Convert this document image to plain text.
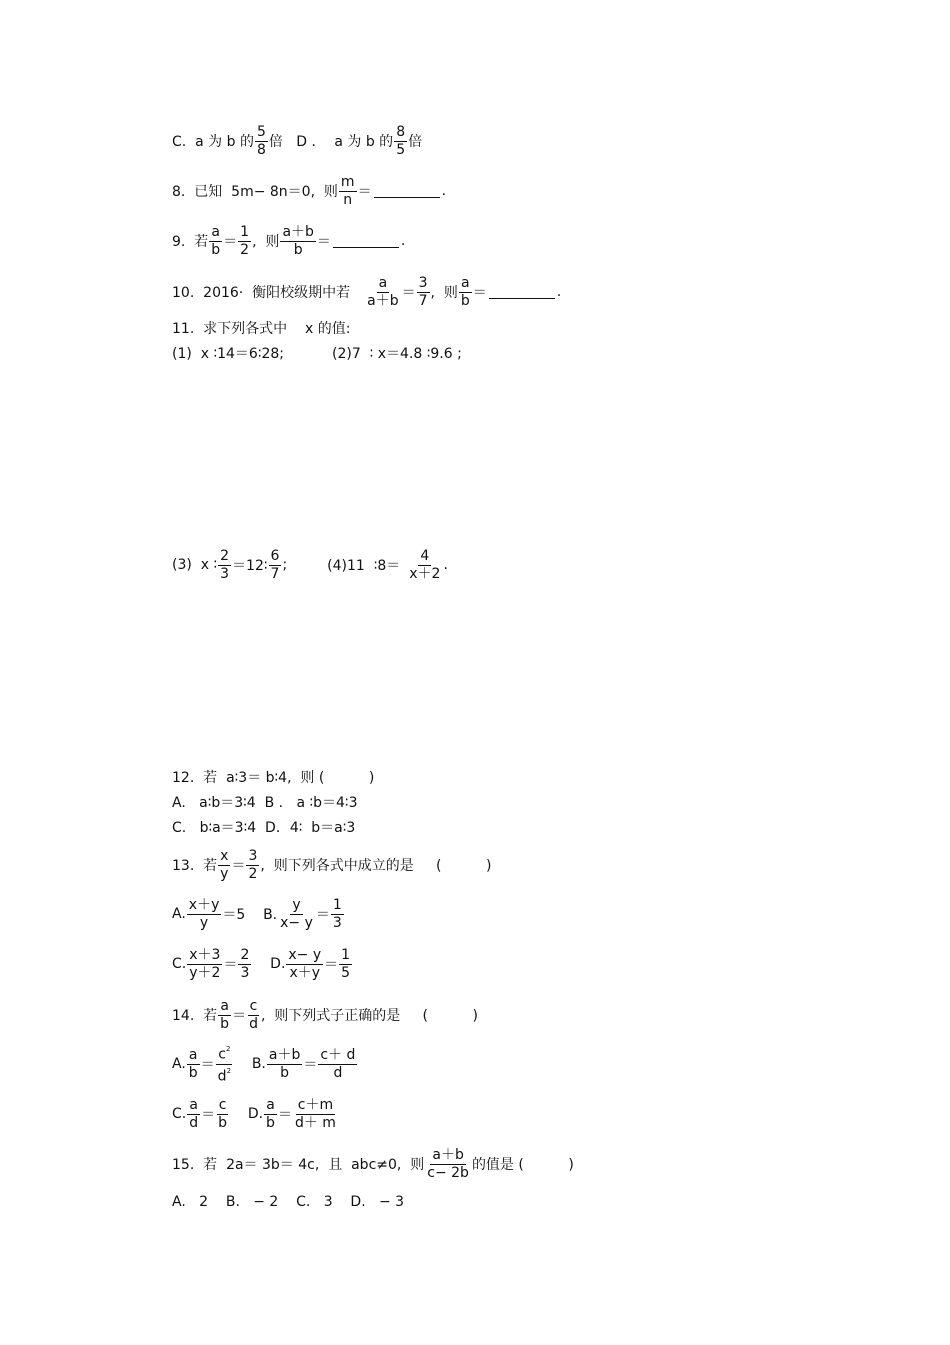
C.  a 为 b 的 $\frac{5}{8}$ 倍   D ．  a 为 b 的 $\frac{8}{5}$ 倍
8.  已知  5m− 8n＝0,  则 $\frac{m}{n}$ ＝	.
9.  若 $\frac{a}{b} = \frac{1}{2}$ ,  则 $\frac{a+b}{b}$ ＝	.
10.  2016·  衡阳校级期中若 $\frac{a}{a+b} = \frac{3}{7}$ ,  则 $\frac{a}{b}$ ＝	.
11.  求下列各式中    x 的值:
(1)  x ∶14＝6∶28;	(2)7  ∶ x＝4.8 ∶9.6 ;
(3)  x ∶ $\frac{2}{3}$ ＝12∶ $\frac{6}{7}$ ;	(4)11  ∶8＝ $\frac{4}{x+2}$ .
12.  若  a∶3＝ b∶4,  则 (          )
A.   a∶b＝3∶4  B .   a ∶b＝4∶3
C.   b∶a＝3∶4  D．4∶  b＝a∶3
13.  若 $\frac{x}{y} = \frac{3}{2}$ ,  则下列各式中成立的是     (          )
A. $\frac{x+y}{y} =5$    B. $\frac{y}{x- y} = \frac{1}{3}$
C. $\frac{x+3}{y+2} = \frac{2}{3} D$. $\frac{x- y}{x+y} = \frac{1}{5}$
14.  若 $\frac{a}{b} = \frac{c}{d}$ ,  则下列式子正确的是     (          )
A. $\frac{a}{b} = \frac{c^2}{d^2} B$. $\frac{a+b}{b} = \frac{c+ d}{d}$
C. $\frac{a}{d} = \frac{c}{b} D$. $\frac{a}{b} = \frac{c+m}{d+ m}$
15.  若  2a＝ 3b＝ 4c,  且  abc≠0,  则 $\frac{a+b}{c- 2b}$ 的值是 (          )
A.   2    B.   − 2    C.   3    D.   − 3
